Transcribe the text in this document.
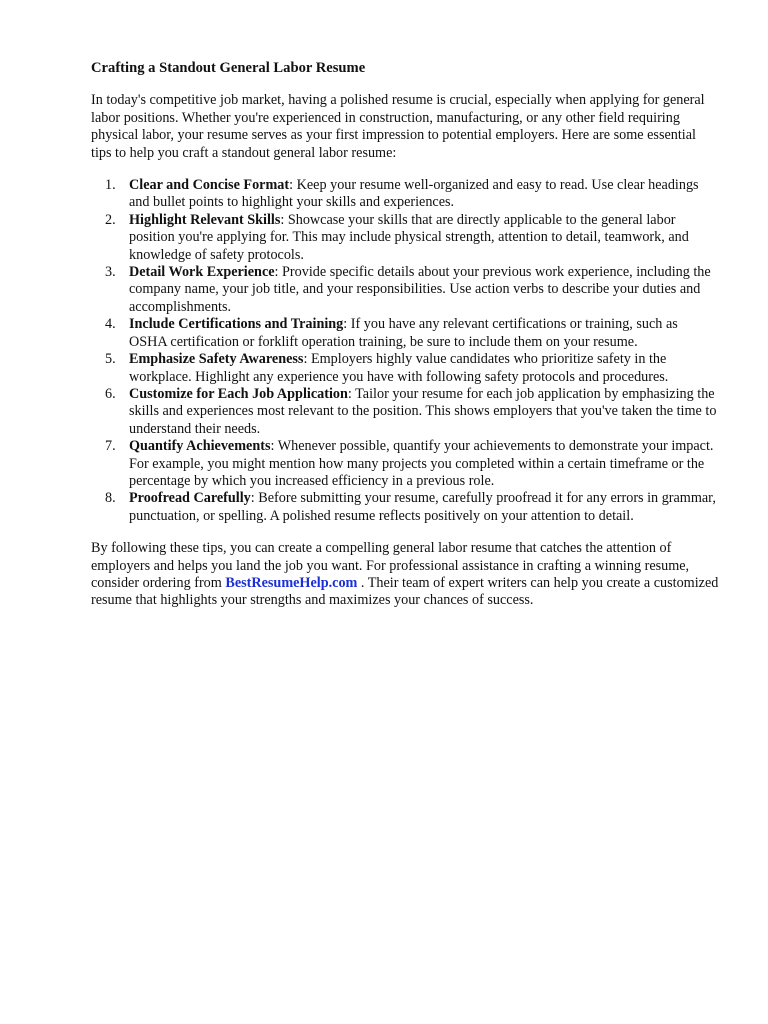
Crafting a Standout General Labor Resume

In today's competitive job market, having a polished resume is crucial, especially when applying for general labor positions. Whether you're experienced in construction, manufacturing, or any other field requiring physical labor, your resume serves as your first impression to potential employers. Here are some essential tips to help you craft a standout general labor resume:

1. Clear and Concise Format: Keep your resume well-organized and easy to read. Use clear headings and bullet points to highlight your skills and experiences.
2. Highlight Relevant Skills: Showcase your skills that are directly applicable to the general labor position you're applying for. This may include physical strength, attention to detail, teamwork, and knowledge of safety protocols.
3. Detail Work Experience: Provide specific details about your previous work experience, including the company name, your job title, and your responsibilities. Use action verbs to describe your duties and accomplishments.
4. Include Certifications and Training: If you have any relevant certifications or training, such as OSHA certification or forklift operation training, be sure to include them on your resume.
5. Emphasize Safety Awareness: Employers highly value candidates who prioritize safety in the workplace. Highlight any experience you have with following safety protocols and procedures.
6. Customize for Each Job Application: Tailor your resume for each job application by emphasizing the skills and experiences most relevant to the position. This shows employers that you've taken the time to understand their needs.
7. Quantify Achievements: Whenever possible, quantify your achievements to demonstrate your impact. For example, you might mention how many projects you completed within a certain timeframe or the percentage by which you increased efficiency in a previous role.
8. Proofread Carefully: Before submitting your resume, carefully proofread it for any errors in grammar, punctuation, or spelling. A polished resume reflects positively on your attention to detail.

By following these tips, you can create a compelling general labor resume that catches the attention of employers and helps you land the job you want. For professional assistance in crafting a winning resume, consider ordering from BestResumeHelp.com . Their team of expert writers can help you create a customized resume that highlights your strengths and maximizes your chances of success.
